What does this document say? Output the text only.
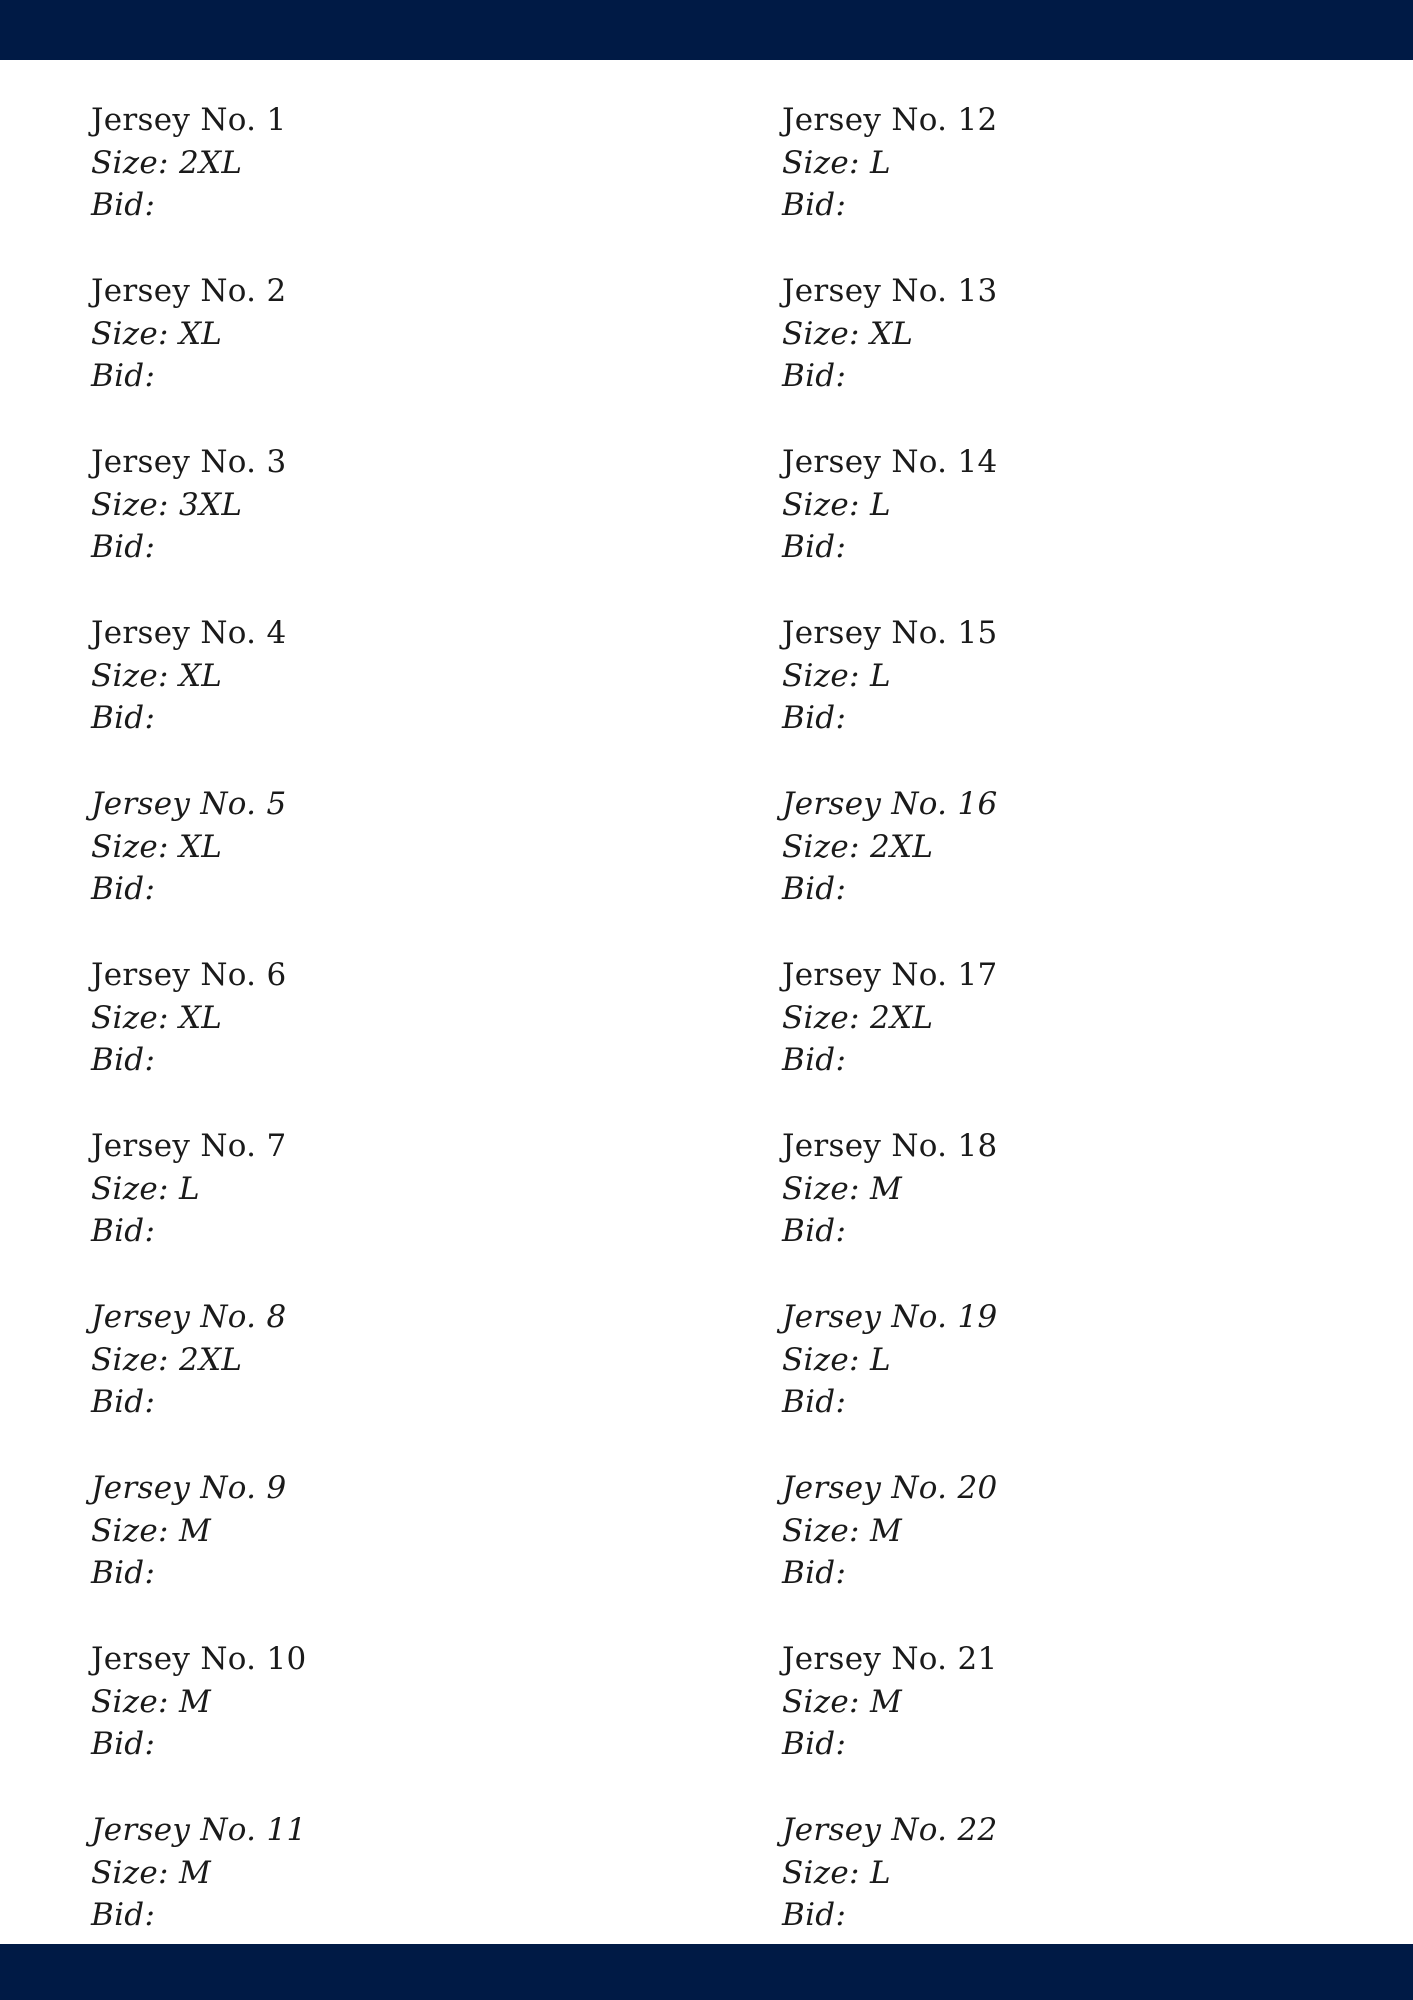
Jersey No. 1
Size: 2XL
Bid:
Jersey No. 2
Size: XL
Bid:
Jersey No. 3
Size: 3XL
Bid:
Jersey No. 4
Size: XL
Bid:
Jersey No. 5
Size: XL
Bid:
Jersey No. 6
Size: XL
Bid:
Jersey No. 7
Size: L
Bid:
Jersey No. 8
Size: 2XL
Bid:
Jersey No. 9
Size: M
Bid:
Jersey No. 10
Size: M
Bid:
Jersey No. 11
Size: M
Bid:
Jersey No. 12
Size: L
Bid:
Jersey No. 13
Size: XL
Bid:
Jersey No. 14
Size: L
Bid:
Jersey No. 15
Size: L
Bid:
Jersey No. 16
Size: 2XL
Bid:
Jersey No. 17
Size: 2XL
Bid:
Jersey No. 18
Size: M
Bid:
Jersey No. 19
Size: L
Bid:
Jersey No. 20
Size: M
Bid:
Jersey No. 21
Size: M
Bid:
Jersey No. 22
Size: L
Bid:
